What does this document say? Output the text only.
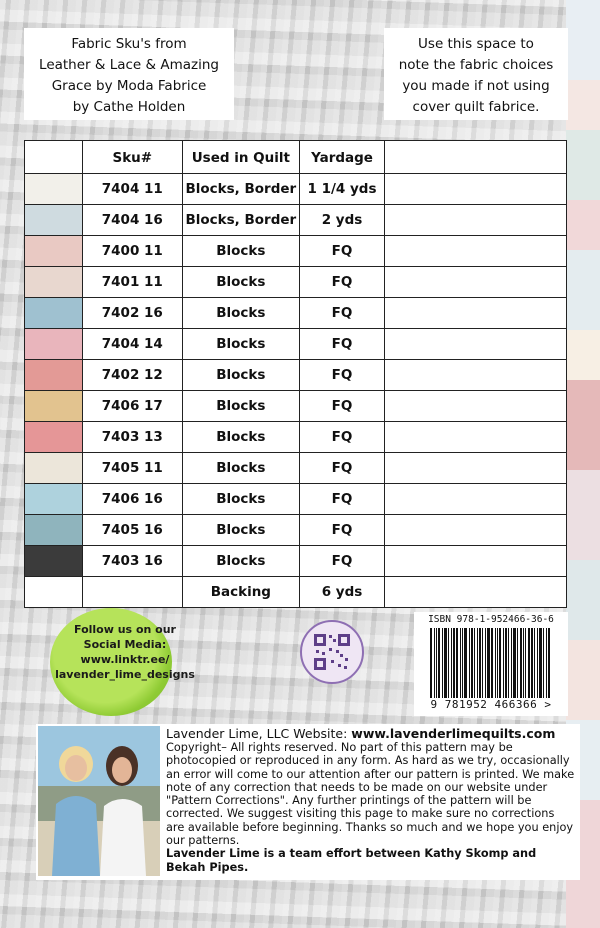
Fabric Sku's from
Leather & Lace & Amazing
Grace by Moda Fabrice
by Cathe Holden
Use this space to
note the fabric choices
you made if not using
cover quilt fabrice.
	Sku#	Used in Quilt	Yardage	

	7404 11	Blocks, Border	1 1/4 yds	

	7404 16	Blocks, Border	2 yds	

	7400 11	Blocks	FQ	

	7401 11	Blocks	FQ	

	7402 16	Blocks	FQ	

	7404 14	Blocks	FQ	

	7402 12	Blocks	FQ	

	7406 17	Blocks	FQ	

	7403 13	Blocks	FQ	

	7405 11	Blocks	FQ	

	7406 16	Blocks	FQ	

	7405 16	Blocks	FQ	

	7403 16	Blocks	FQ	

		Backing	6 yds	
Follow us on our
Social Media:
www.linktr.ee/
lavender_lime_designs
ISBN 978-1-952466-36-6
9 781952 466366 >
Lavender Lime, LLC Website: www.lavenderlimequilts.com
Copyright– All rights reserved. No part of this pattern may be photocopied or reproduced in any form. As hard as we try, occasionally an error will come to our attention after our pattern is printed. We make note of any correction that needs to be made on our website under "Pattern Corrections". Any further printings of the pattern will be corrected. We suggest visiting this page to make sure no corrections are available before beginning. Thanks so much and we hope you enjoy our patterns.
Lavender Lime is a team effort between Kathy Skomp and Bekah Pipes.
